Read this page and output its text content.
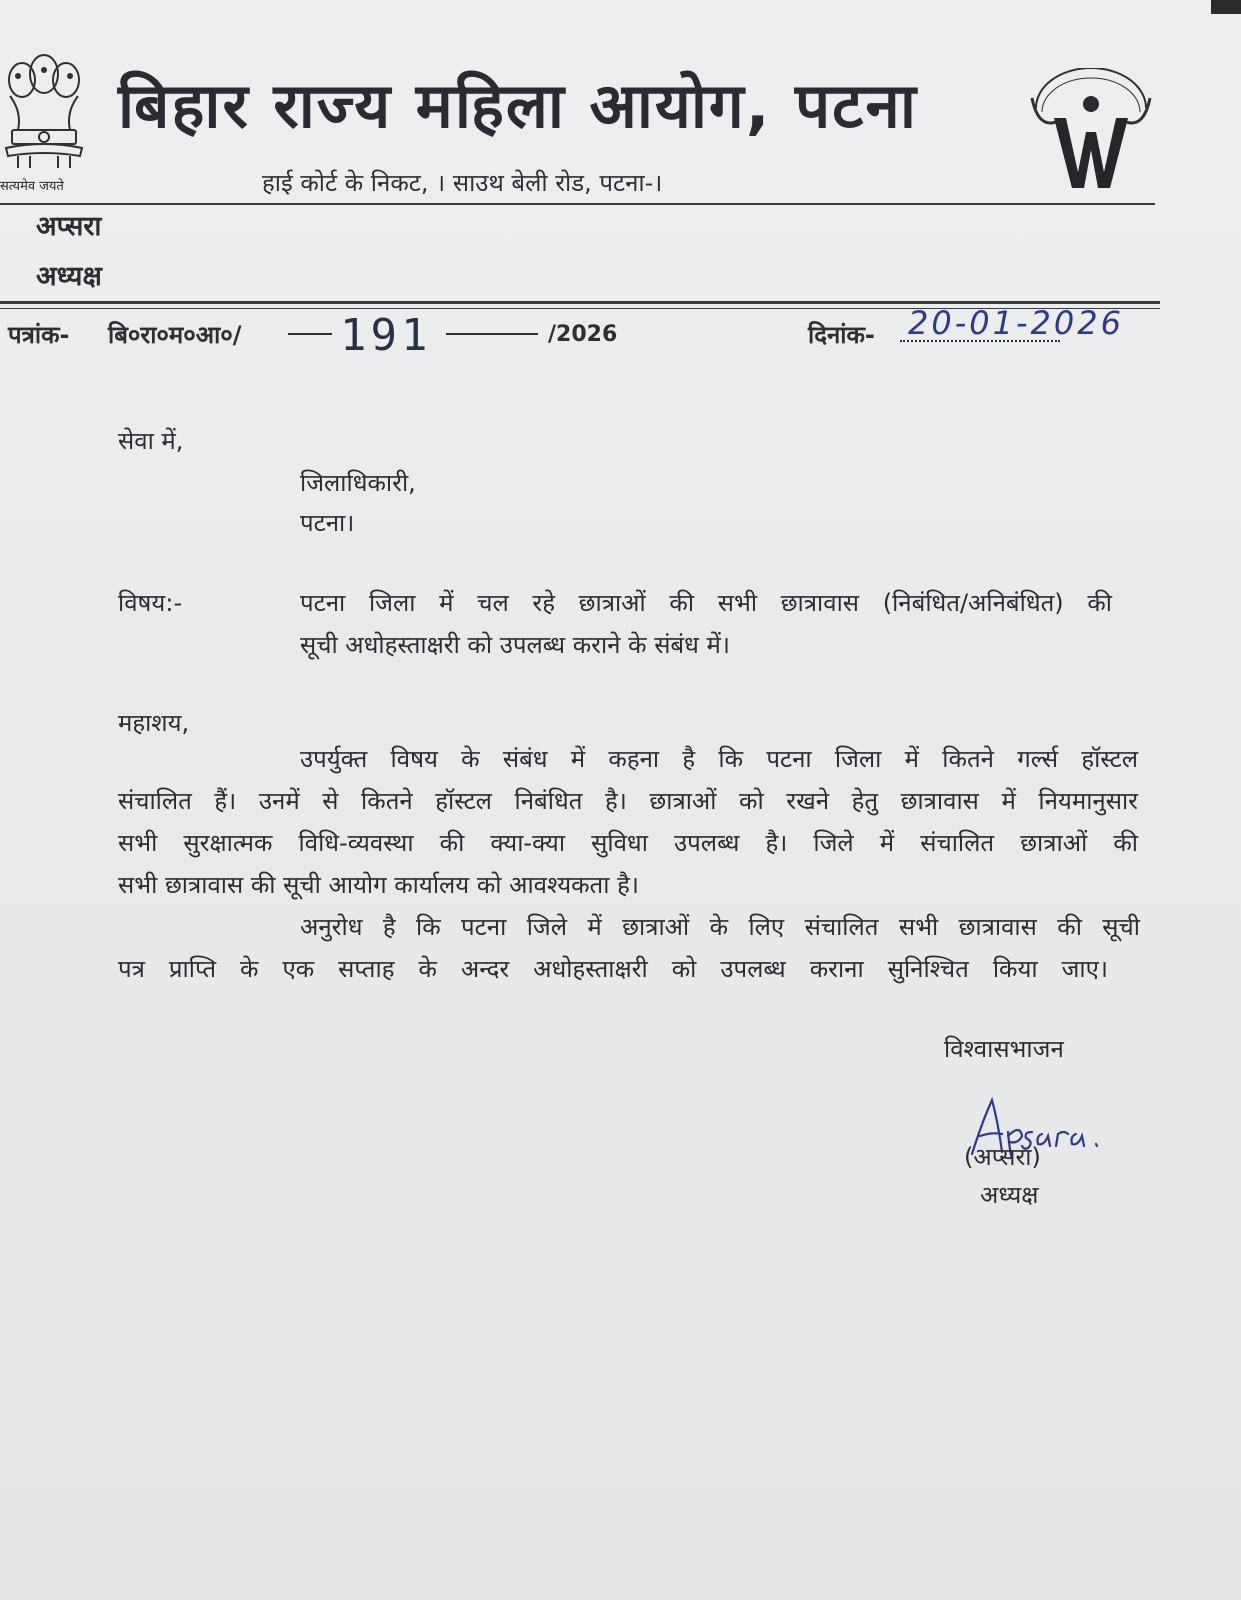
सत्यमेव जयते
बिहार राज्य महिला आयोग, पटना
हाई कोर्ट के निकट, । साउथ बेली रोड, पटना-।
अप्सरा
अध्यक्ष
पत्रांक- बि०रा०म०आ०/ 191	/2026	दिनांक- 20-01-2026
सेवा में,
जिलाधिकारी,
पटना।
विषय:-	पटना जिला में चल रहे छात्राओं की सभी छात्रावास (निबंधित/अनिबंधित) की
सूची अधोहस्ताक्षरी को उपलब्ध कराने के संबंध में।
महाशय,
उपर्युक्त विषय के संबंध में कहना है कि पटना जिला में कितने गर्ल्स हॉस्टल
संचालित हैं। उनमें से कितने हॉस्टल निबंधित है। छात्राओं को रखने हेतु छात्रावास में नियमानुसार
सभी सुरक्षात्मक विधि-व्यवस्था की क्या-क्या सुविधा उपलब्ध है। जिले में संचालित छात्राओं की
सभी छात्रावास की सूची आयोग कार्यालय को आवश्यकता है।
अनुरोध है कि पटना जिले में छात्राओं के लिए संचालित सभी छात्रावास की सूची
पत्र प्राप्ति के एक सप्ताह के अन्दर अधोहस्ताक्षरी को उपलब्ध कराना सुनिश्चित किया जाए।
विश्वासभाजन
(अप्सरा)
अध्यक्ष
